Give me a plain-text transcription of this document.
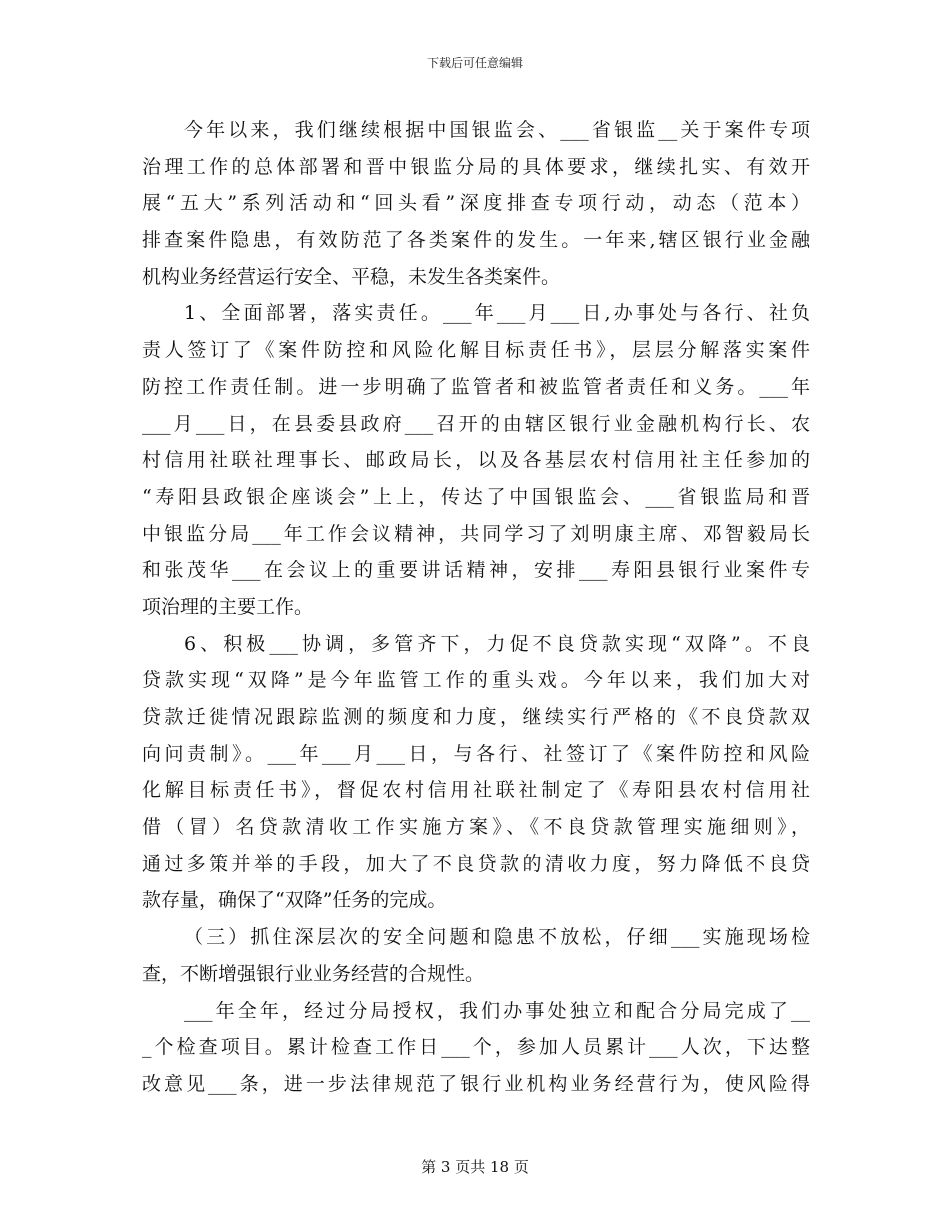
下载后可任意编辑
今年以来，我们继续根据中国银监会、___省银监__关于案件专项
治理工作的总体部署和晋中银监分局的具体要求，继续扎实、有效开
展“五大”系列活动和“回头看”深度排查专项行动，动态（范本）
排查案件隐患，有效防范了各类案件的发生。一年来,辖区银行业金融
机构业务经营运行安全、平稳，未发生各类案件。
1、全面部署，落实责任。___年___月___日,办事处与各行、社负
责人签订了《案件防控和风险化解目标责任书》，层层分解落实案件
防控工作责任制。进一步明确了监管者和被监管者责任和义务。___年
___月___日，在县委县政府___召开的由辖区银行业金融机构行长、农
村信用社联社理事长、邮政局长，以及各基层农村信用社主任参加的
“寿阳县政银企座谈会”上上，传达了中国银监会、___省银监局和晋
中银监分局___年工作会议精神，共同学习了刘明康主席、邓智毅局长
和张茂华___在会议上的重要讲话精神，安排___寿阳县银行业案件专
项治理的主要工作。
6、积极___协调，多管齐下，力促不良贷款实现“双降”。不良
贷款实现“双降”是今年监管工作的重头戏。今年以来，我们加大对
贷款迁徙情况跟踪监测的频度和力度，继续实行严格的《不良贷款双
向问责制》。___年___月___日，与各行、社签订了《案件防控和风险
化解目标责任书》，督促农村信用社联社制定了《寿阳县农村信用社
借（冒）名贷款清收工作实施方案》、《不良贷款管理实施细则》，
通过多策并举的手段，加大了不良贷款的清收力度，努力降低不良贷
款存量，确保了“双降”任务的完成。
（三）抓住深层次的安全问题和隐患不放松，仔细___实施现场检
查，不断增强银行业业务经营的合规性。
___年全年，经过分局授权，我们办事处独立和配合分局完成了__
_个检查项目。累计检查工作日___个，参加人员累计___人次，下达整
改意见___条，进一步法律规范了银行业机构业务经营行为，使风险得
第 3 页共 18 页
